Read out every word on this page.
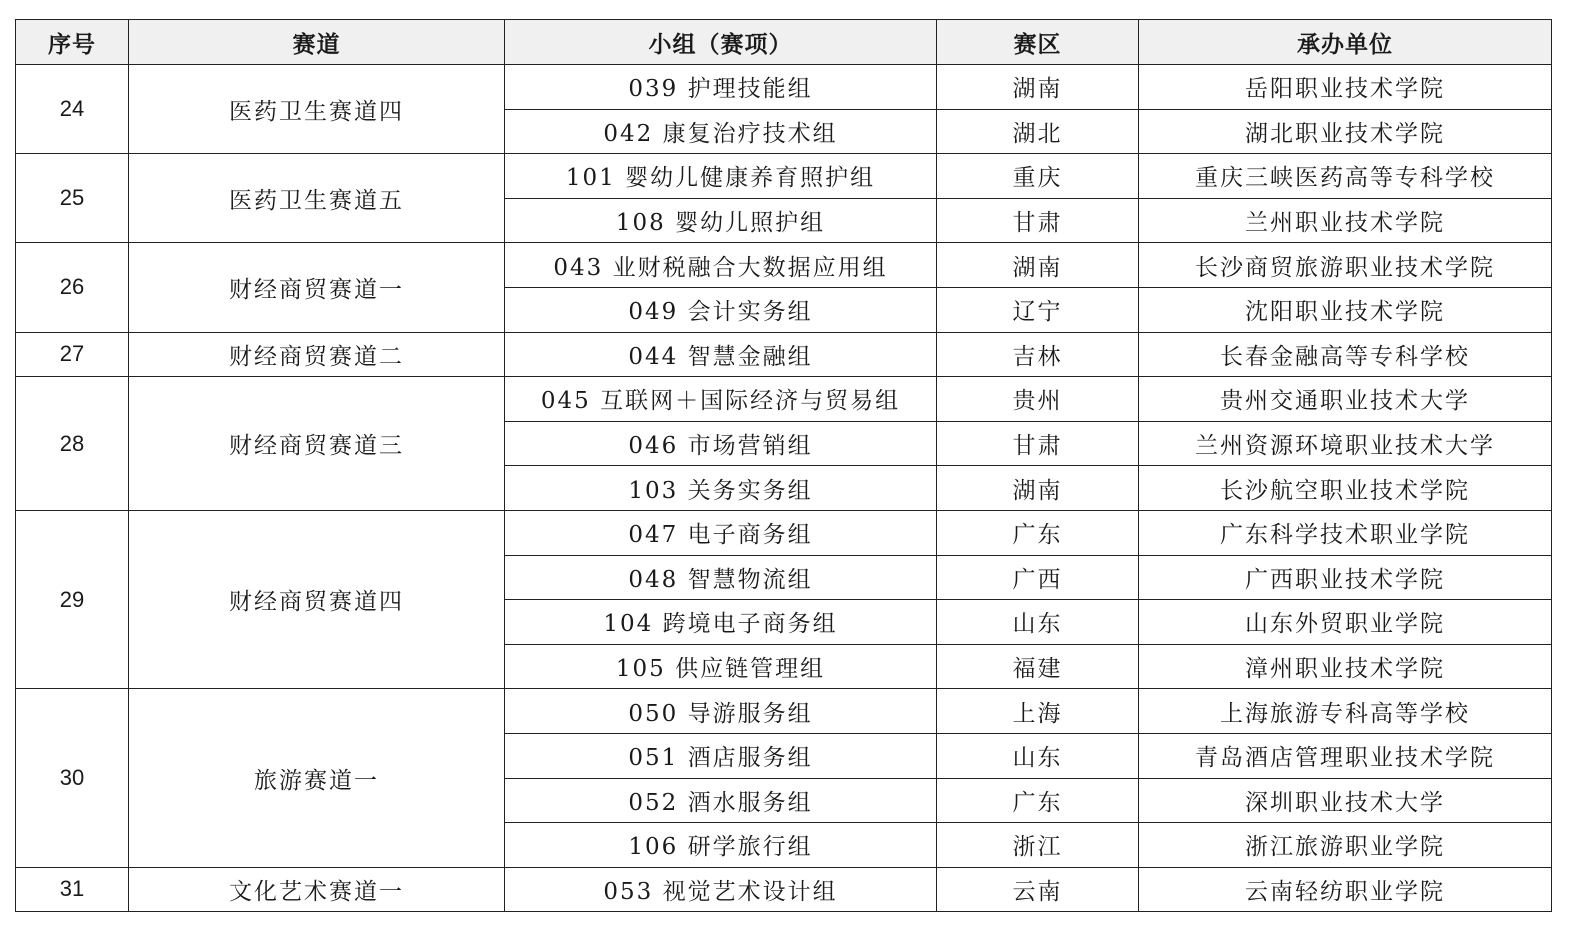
序号	赛道	小组（赛项）	赛区	承办单位
24	医药卫生赛道四	039 护理技能组	湖南	岳阳职业技术学院
		042 康复治疗技术组	湖北	湖北职业技术学院
25	医药卫生赛道五	101 婴幼儿健康养育照护组	重庆	重庆三峡医药高等专科学校
		108 婴幼儿照护组	甘肃	兰州职业技术学院
26	财经商贸赛道一	043 业财税融合大数据应用组	湖南	长沙商贸旅游职业技术学院
		049 会计实务组	辽宁	沈阳职业技术学院
27	财经商贸赛道二	044 智慧金融组	吉林	长春金融高等专科学校
28	财经商贸赛道三	045 互联网＋国际经济与贸易组	贵州	贵州交通职业技术大学
		046 市场营销组	甘肃	兰州资源环境职业技术大学
		103 关务实务组	湖南	长沙航空职业技术学院
29	财经商贸赛道四	047 电子商务组	广东	广东科学技术职业学院
		048 智慧物流组	广西	广西职业技术学院
		104 跨境电子商务组	山东	山东外贸职业学院
		105 供应链管理组	福建	漳州职业技术学院
30	旅游赛道一	050 导游服务组	上海	上海旅游专科高等学校
		051 酒店服务组	山东	青岛酒店管理职业技术学院
		052 酒水服务组	广东	深圳职业技术大学
		106 研学旅行组	浙江	浙江旅游职业学院
31	文化艺术赛道一	053 视觉艺术设计组	云南	云南轻纺职业学院
